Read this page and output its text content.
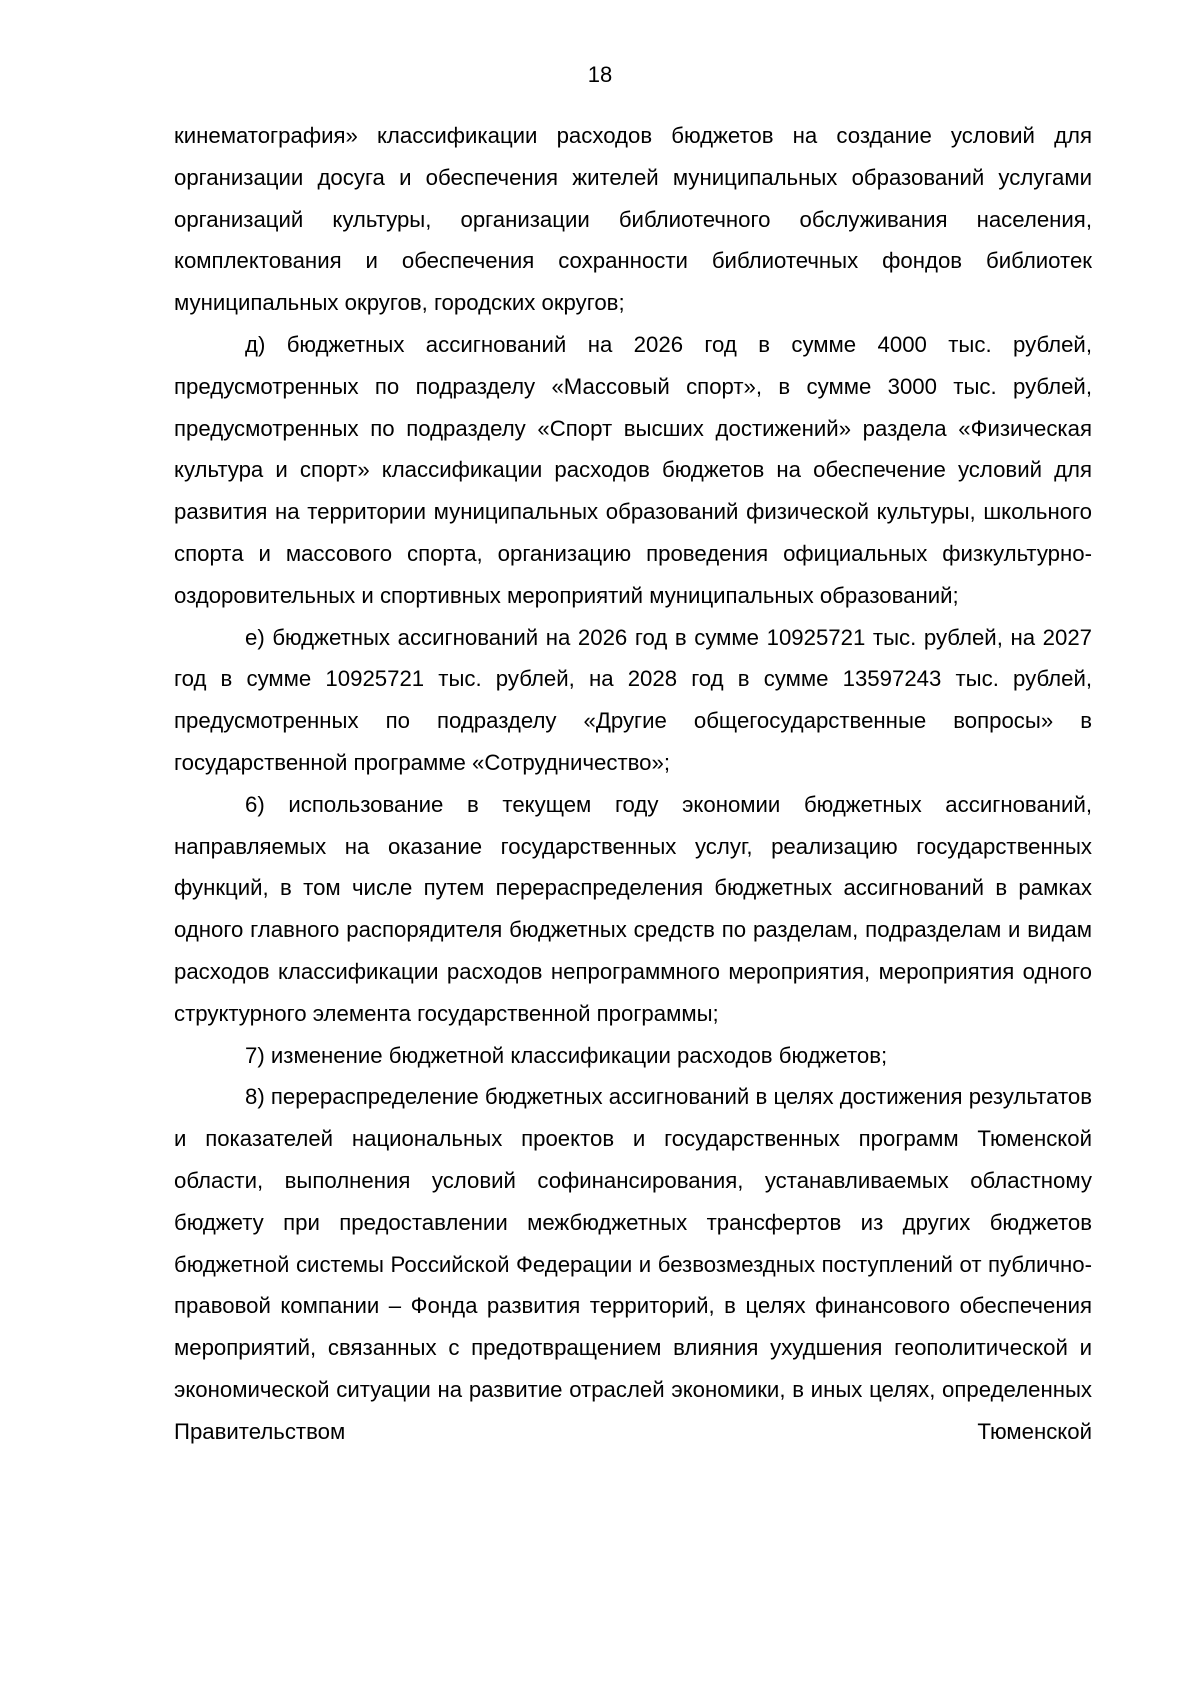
18

кинематография» классификации расходов бюджетов на создание условий для организации досуга и обеспечения жителей муниципальных образований услугами организаций культуры, организации библиотечного обслуживания населения, комплектования и обеспечения сохранности библиотечных фондов библиотек муниципальных округов, городских округов;

д) бюджетных ассигнований на 2026 год в сумме 4000 тыс. рублей, предусмотренных по подразделу «Массовый спорт», в сумме 3000 тыс. рублей, предусмотренных по подразделу «Спорт высших достижений» раздела «Физическая культура и спорт» классификации расходов бюджетов на обеспечение условий для развития на территории муниципальных образований физической культуры, школьного спорта и массового спорта, организацию проведения официальных физкультурно-оздоровительных и спортивных мероприятий муниципальных образований;

е) бюджетных ассигнований на 2026 год в сумме 10925721 тыс. рублей, на 2027 год в сумме 10925721 тыс. рублей, на 2028 год в сумме 13597243 тыс. рублей, предусмотренных по подразделу «Другие общегосударственные вопросы» в государственной программе «Сотрудничество»;

6) использование в текущем году экономии бюджетных ассигнований, направляемых на оказание государственных услуг, реализацию государственных функций, в том числе путем перераспределения бюджетных ассигнований в рамках одного главного распорядителя бюджетных средств по разделам, подразделам и видам расходов классификации расходов непрограммного мероприятия, мероприятия одного структурного элемента государственной программы;

7) изменение бюджетной классификации расходов бюджетов;

8) перераспределение бюджетных ассигнований в целях достижения результатов и показателей национальных проектов и государственных программ Тюменской области, выполнения условий софинансирования, устанавливаемых областному бюджету при предоставлении межбюджетных трансфертов из других бюджетов бюджетной системы Российской Федерации и безвозмездных поступлений от публично-правовой компании – Фонда развития территорий, в целях финансового обеспечения мероприятий, связанных с предотвращением влияния ухудшения геополитической и экономической ситуации на развитие отраслей экономики, в иных целях, определенных Правительством Тюменской
